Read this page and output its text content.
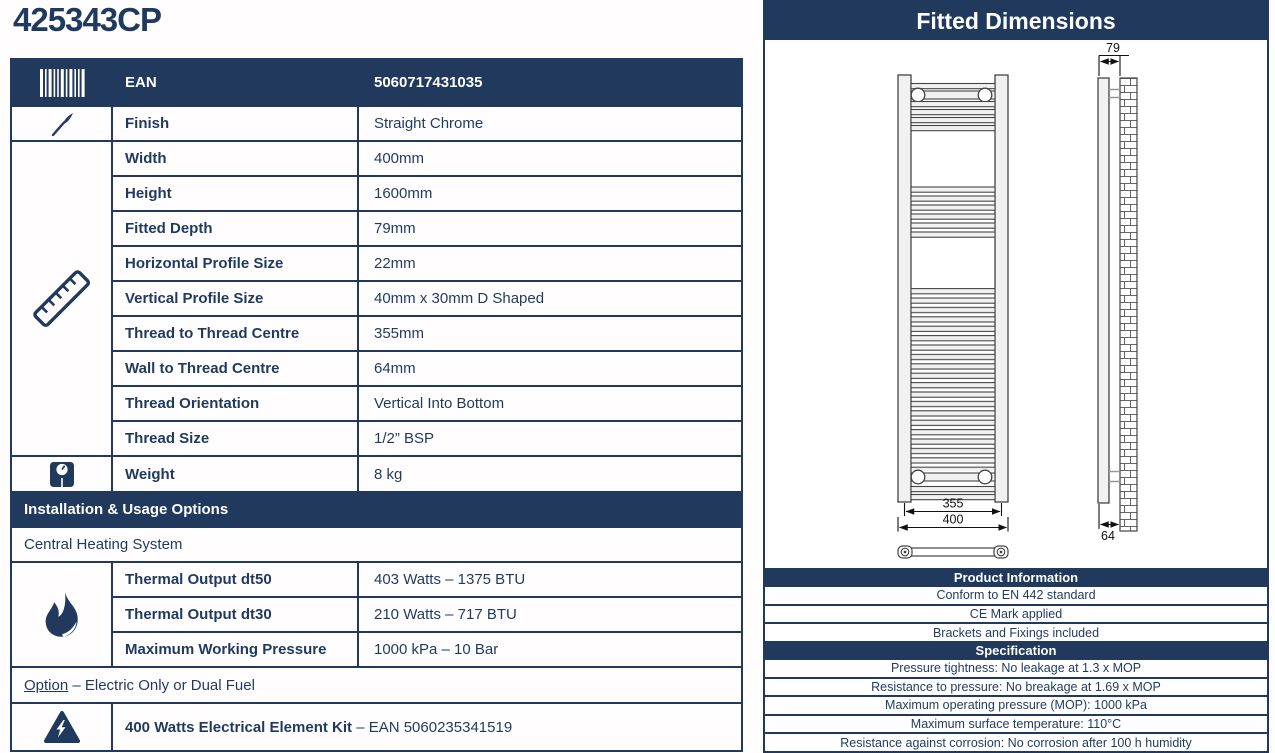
425343CP
	EAN	5060717431035

	Finish	Straight Chrome

	Width	400mm
	Height	1600mm
	Fitted Depth	79mm
	Horizontal Profile Size	22mm
	Vertical Profile Size	40mm x 30mm D Shaped
	Thread to Thread Centre	355mm
	Wall to Thread Centre	64mm
	Thread Orientation	Vertical Into Bottom
	Thread Size	1/2” BSP

	Weight	8 kg
Installation & Usage Options		
Central Heating System		

	Thermal Output dt50	403 Watts – 1375 BTU
	Thermal Output dt30	210 Watts – 717 BTU
	Maximum Working Pressure	1000 kPa – 10 Bar
Option – Electric Only or Dual Fuel		

	400 Watts Electrical Element Kit – EAN 5060235341519	
Fitted Dimensions
355
400
79
64
Product Information
Conform to EN 442 standard
CE Mark applied
Brackets and Fixings included
Specification
Pressure tightness: No leakage at 1.3 x MOP
Resistance to pressure: No breakage at 1.69 x MOP
Maximum operating pressure (MOP): 1000 kPa
Maximum surface temperature: 110°C
Resistance against corrosion: No corrosion after 100 h humidity
